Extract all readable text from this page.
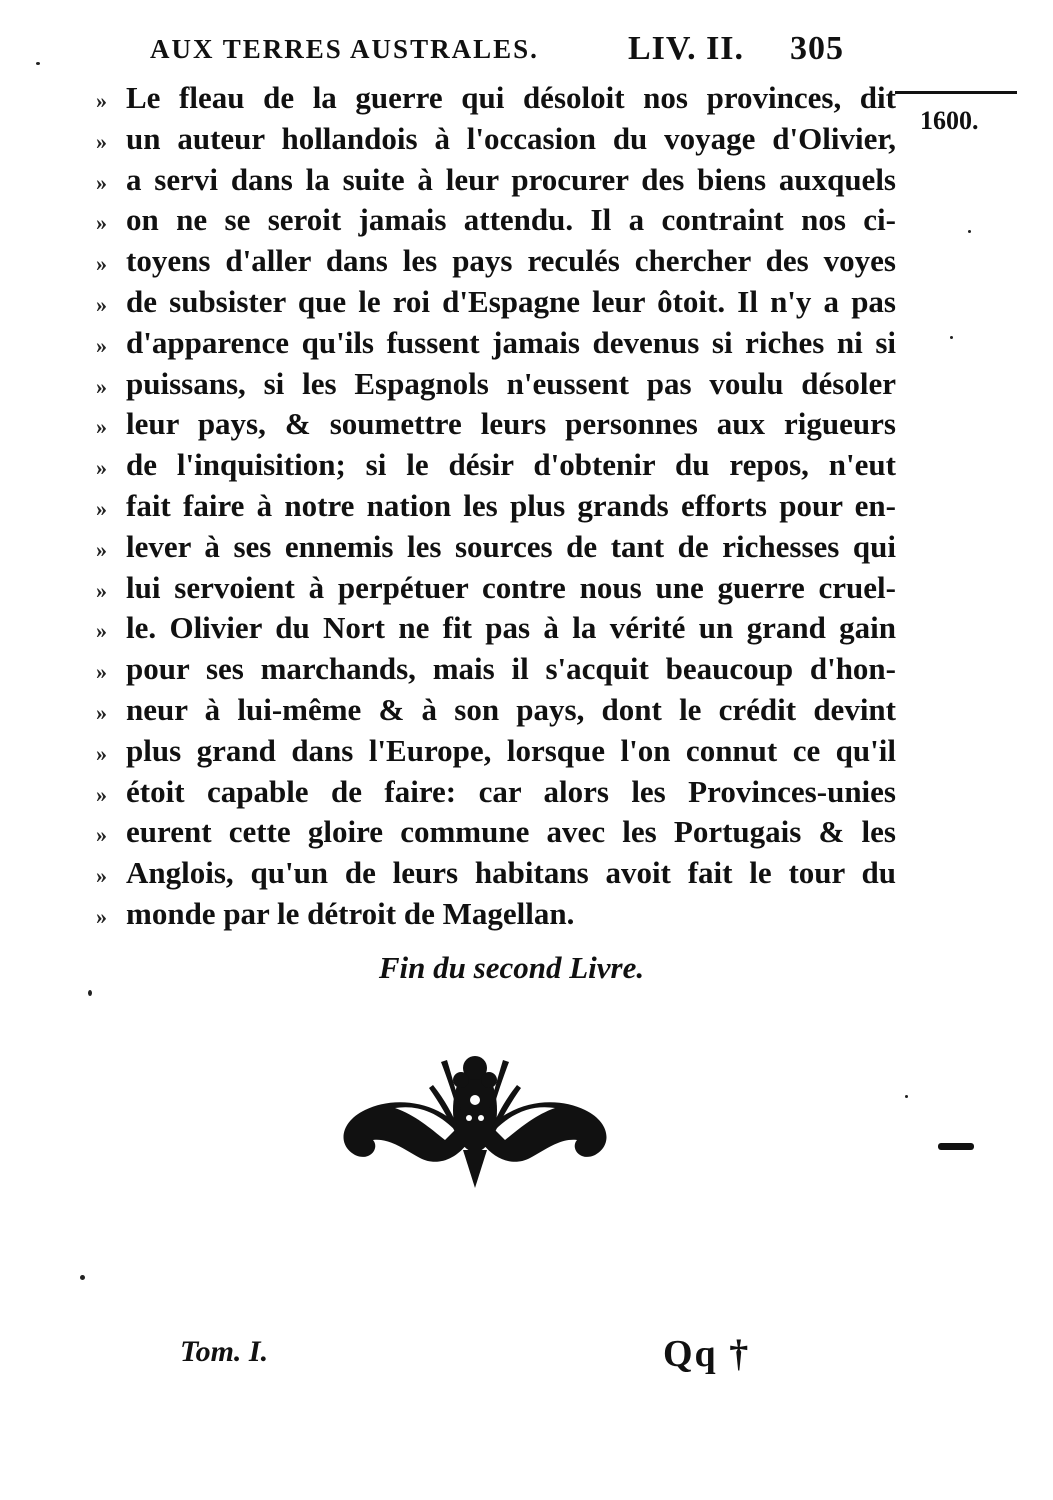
AUX TERRES AUSTRALES.	LIV. II. 305
1600.
» Le fleau de la guerre qui désoloit nos provinces, dit
» un auteur hollandois à l'occasion du voyage d'Olivier,
» a servi dans la suite à leur procurer des biens auxquels
» on ne se seroit jamais attendu. Il a contraint nos ci-
» toyens d'aller dans les pays reculés chercher des voyes
» de subsister que le roi d'Espagne leur ôtoit. Il n'y a pas
» d'apparence qu'ils fussent jamais devenus si riches ni si
» puissans, si les Espagnols n'eussent pas voulu désoler
» leur pays, & soumettre leurs personnes aux rigueurs
» de l'inquisition; si le désir d'obtenir du repos, n'eut
» fait faire à notre nation les plus grands efforts pour en-
» lever à ses ennemis les sources de tant de richesses qui
» lui servoient à perpétuer contre nous une guerre cruel-
» le. Olivier du Nort ne fit pas à la vérité un grand gain
» pour ses marchands, mais il s'acquit beaucoup d'hon-
» neur à lui-même & à son pays, dont le crédit devint
» plus grand dans l'Europe, lorsque l'on connut ce qu'il
» étoit capable de faire: car alors les Provinces-unies
» eurent cette gloire commune avec les Portugais & les
» Anglois, qu'un de leurs habitans avoit fait le tour du
» monde par le détroit de Magellan.
Fin du second Livre.
Tom. I.	Qq †
